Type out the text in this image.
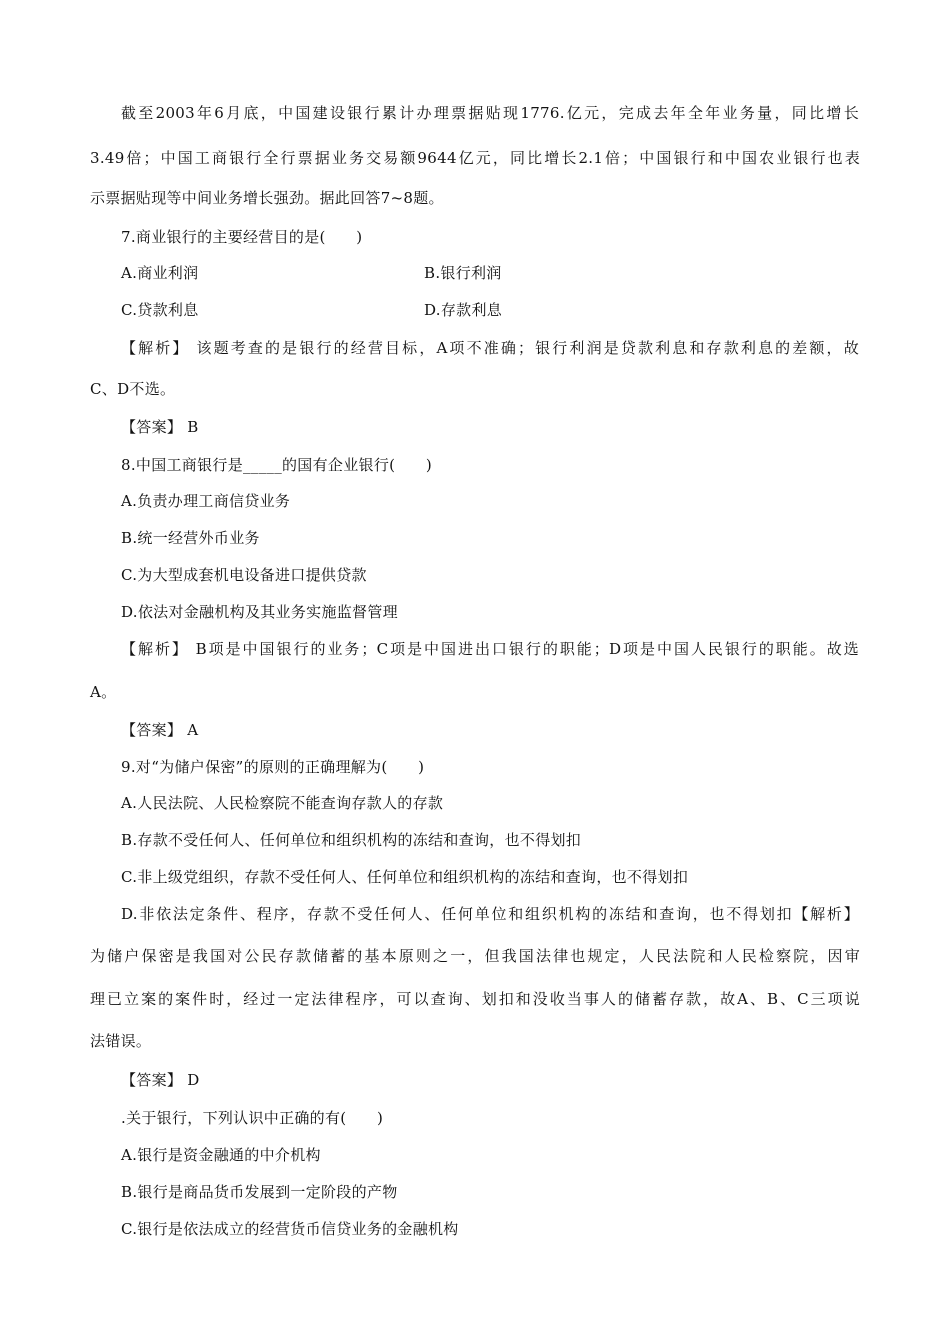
截至2003年6月底，中国建设银行累计办理票据贴现1776.亿元，完成去年全年业务量，同比增长
3.49倍；中国工商银行全行票据业务交易额9644亿元，同比增长2.1倍；中国银行和中国农业银行也表
示票据贴现等中间业务增长强劲。据此回答7~8题。
7.商业银行的主要经营目的是(　　)
A.商业利润	B.银行利润
C.贷款利息	D.存款利息
【解析】 该题考查的是银行的经营目标，A项不准确；银行利润是贷款利息和存款利息的差额，故
C、D不选。
【答案】 B
8.中国工商银行是_____的国有企业银行(　　)
A.负责办理工商信贷业务
B.统一经营外币业务
C.为大型成套机电设备进口提供贷款
D.依法对金融机构及其业务实施监督管理
【解析】 B项是中国银行的业务；C项是中国进出口银行的职能；D项是中国人民银行的职能。故选
A。
【答案】 A
9.对“为储户保密”的原则的正确理解为(　　)
A.人民法院、人民检察院不能查询存款人的存款
B.存款不受任何人、任何单位和组织机构的冻结和查询，也不得划扣
C.非上级党组织，存款不受任何人、任何单位和组织机构的冻结和查询，也不得划扣
D.非依法定条件、程序，存款不受任何人、任何单位和组织机构的冻结和查询，也不得划扣【解析】
为储户保密是我国对公民存款储蓄的基本原则之一，但我国法律也规定，人民法院和人民检察院，因审
理已立案的案件时，经过一定法律程序，可以查询、划扣和没收当事人的储蓄存款，故A、B、C三项说
法错误。
【答案】 D
.关于银行，下列认识中正确的有(　　)
A.银行是资金融通的中介机构
B.银行是商品货币发展到一定阶段的产物
C.银行是依法成立的经营货币信贷业务的金融机构
